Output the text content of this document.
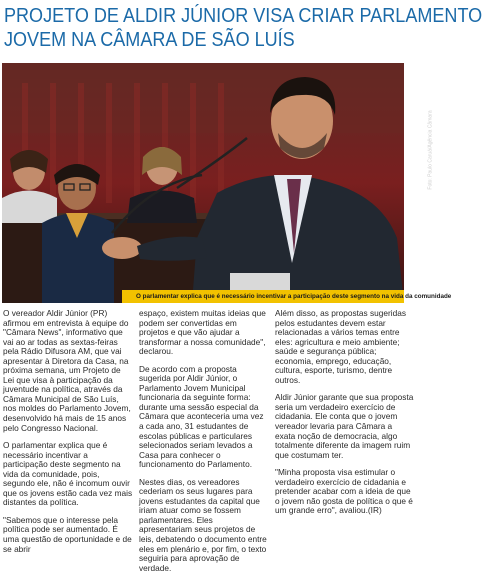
PROJETO DE ALDIR JÚNIOR VISA CRIAR PARLAMENTO
JOVEM NA CÂMARA DE SÃO LUÍS
Foto: Paulo Caruá/Agência Câmara
O parlamentar explica que é necessário incentivar a participação deste segmento na vida da comunidade

O vereador Aldir Júnior (PR) afirmou em entrevista à equipe do "Câmara News", informativo que vai ao ar todas as sextas-feiras pela Rádio Difusora AM, que vai apresentar à Diretora da Casa, na próxima semana, um Projeto de Lei que visa à participação da juventude na política, através da Câmara Municipal de São Luís, nos moldes do Parlamento Jovem, desenvolvido há mais de 15 anos pelo Congresso Nacional.

O parlamentar explica que é necessário incentivar a participação deste segmento na vida da comunidade, pois, segundo ele, não é incomum ouvir que os jovens estão cada vez mais distantes da política.

"Sabemos que o interesse pela política pode ser aumentado. É uma questão de oportunidade e de se abrir

espaço, existem muitas ideias que podem ser convertidas em projetos e que vão ajudar a transformar a nossa comunidade", declarou.

De acordo com a proposta sugerida por Aldir Júnior, o Parlamento Jovem Municipal funcionaria da seguinte forma: durante uma sessão especial da Câmara que aconteceria uma vez a cada ano, 31 estudantes de escolas públicas e particulares selecionados seriam levados a Casa para conhecer o funcionamento do Parlamento.

Nestes dias, os vereadores cederiam os seus lugares para jovens estudantes da capital que iriam atuar como se fossem parlamentares. Eles apresentariam seus projetos de leis, debatendo o documento entre eles em plenário e, por fim, o texto seguiria para aprovação de verdade.

Além disso, as propostas sugeridas pelos estudantes devem estar relacionadas a vários temas entre eles: agricultura e meio ambiente; saúde e segurança pública; economia, emprego, educação, cultura, esporte, turismo, dentre outros.

Aldir Júnior garante que sua proposta seria um verdadeiro exercício de cidadania. Ele conta que o jovem vereador levaria para Câmara a exata noção de democracia, algo totalmente diferente da imagem ruim que costumam ter.

"Minha proposta visa estimular o verdadeiro exercício de cidadania e pretender acabar com a ideia de que o jovem não gosta de política o que é um grande erro", avaliou.(IR)
